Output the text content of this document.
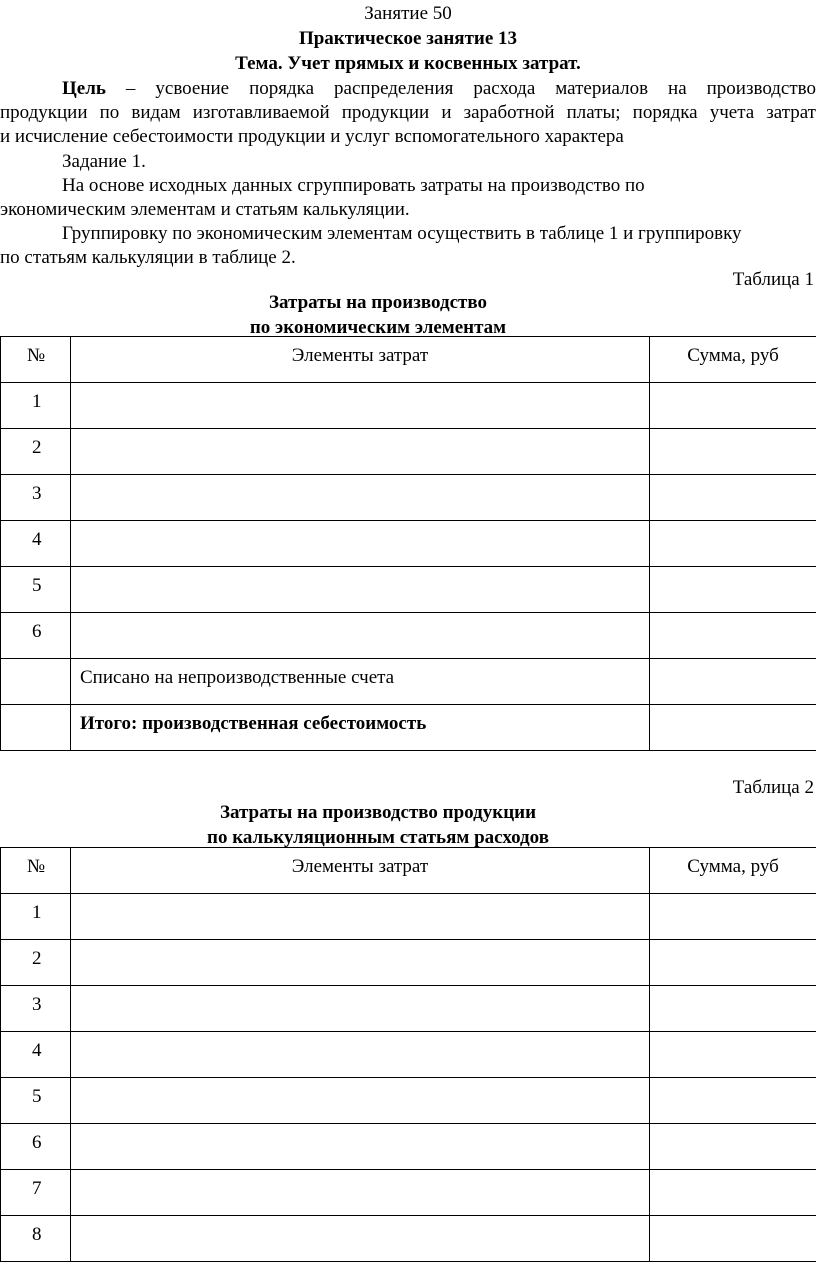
Занятие 50
Практическое занятие 13
Тема. Учет прямых и косвенных затрат.
Цель – усвоение порядка распределения расхода материалов на производство
продукции по видам изготавливаемой продукции и заработной платы; порядка учета затрат
и исчисление себестоимости продукции и услуг вспомогательного характера
Задание 1.
На основе исходных данных сгруппировать затраты на производство по
экономическим элементам и статьям калькуляции.
Группировку по экономическим элементам осуществить в таблице 1 и группировку
по статьям калькуляции в таблице 2.
Таблица 1
Затраты на производство
по экономическим элементам
№	Элементы затрат	Сумма, руб
1		
2		
3		
4		
5		
6		
	Списано на непроизводственные счета	
	Итого: производственная себестоимость	
Таблица 2
Затраты на производство продукции
по калькуляционным статьям расходов
№	Элементы затрат	Сумма, руб
1		
2		
3		
4		
5		
6		
7		
8		
